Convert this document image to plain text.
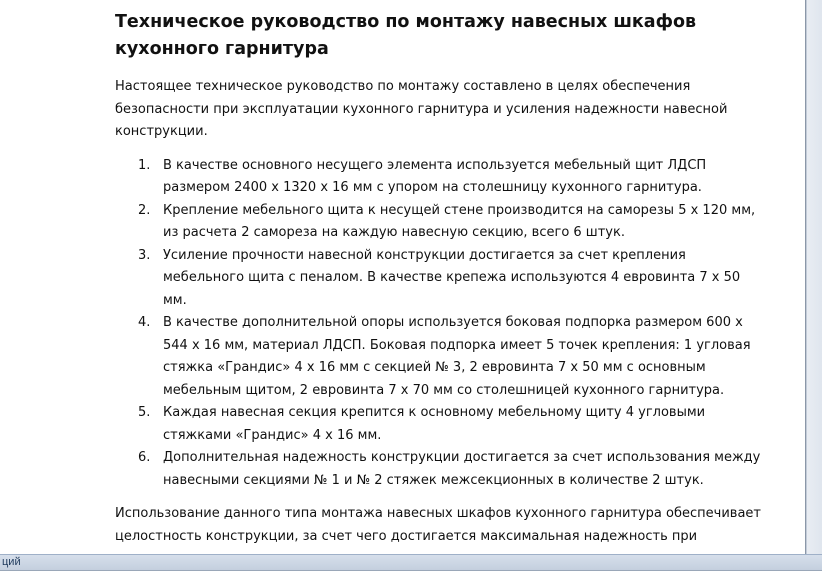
Техническое руководство по монтажу навесных шкафов кухонного гарнитура

Настоящее техническое руководство по монтажу составлено в целях обеспечения безопасности при эксплуатации кухонного гарнитура и усиления надежности навесной конструкции.

1. В качестве основного несущего элемента используется мебельный щит ЛДСП размером 2400 х 1320 х 16 мм с упором на столешницу кухонного гарнитура.
2. Крепление мебельного щита к несущей стене производится на саморезы 5 х 120 мм, из расчета 2 самореза на каждую навесную секцию, всего 6 штук.
3. Усиление прочности навесной конструкции достигается за счет крепления мебельного щита с пеналом. В качестве крепежа используются 4 евровинта 7 х 50 мм.
4. В качестве дополнительной опоры используется боковая подпорка размером 600 х 544 х 16 мм, материал ЛДСП. Боковая подпорка имеет 5 точек крепления: 1 угловая стяжка «Грандис» 4 х 16 мм с секцией № 3, 2 евровинта 7 х 50 мм с основным мебельным щитом, 2 евровинта 7 х 70 мм со столешницей кухонного гарнитура.
5. Каждая навесная секция крепится к основному мебельному щиту 4 угловыми стяжками «Грандис» 4 х 16 мм.
6. Дополнительная надежность конструкции достигается за счет использования между навесными секциями № 1 и № 2 стяжек межсекционных в количестве 2 штук.

Использование данного типа монтажа навесных шкафов кухонного гарнитура обеспечивает целостность конструкции, за счет чего достигается максимальная надежность при

ций
